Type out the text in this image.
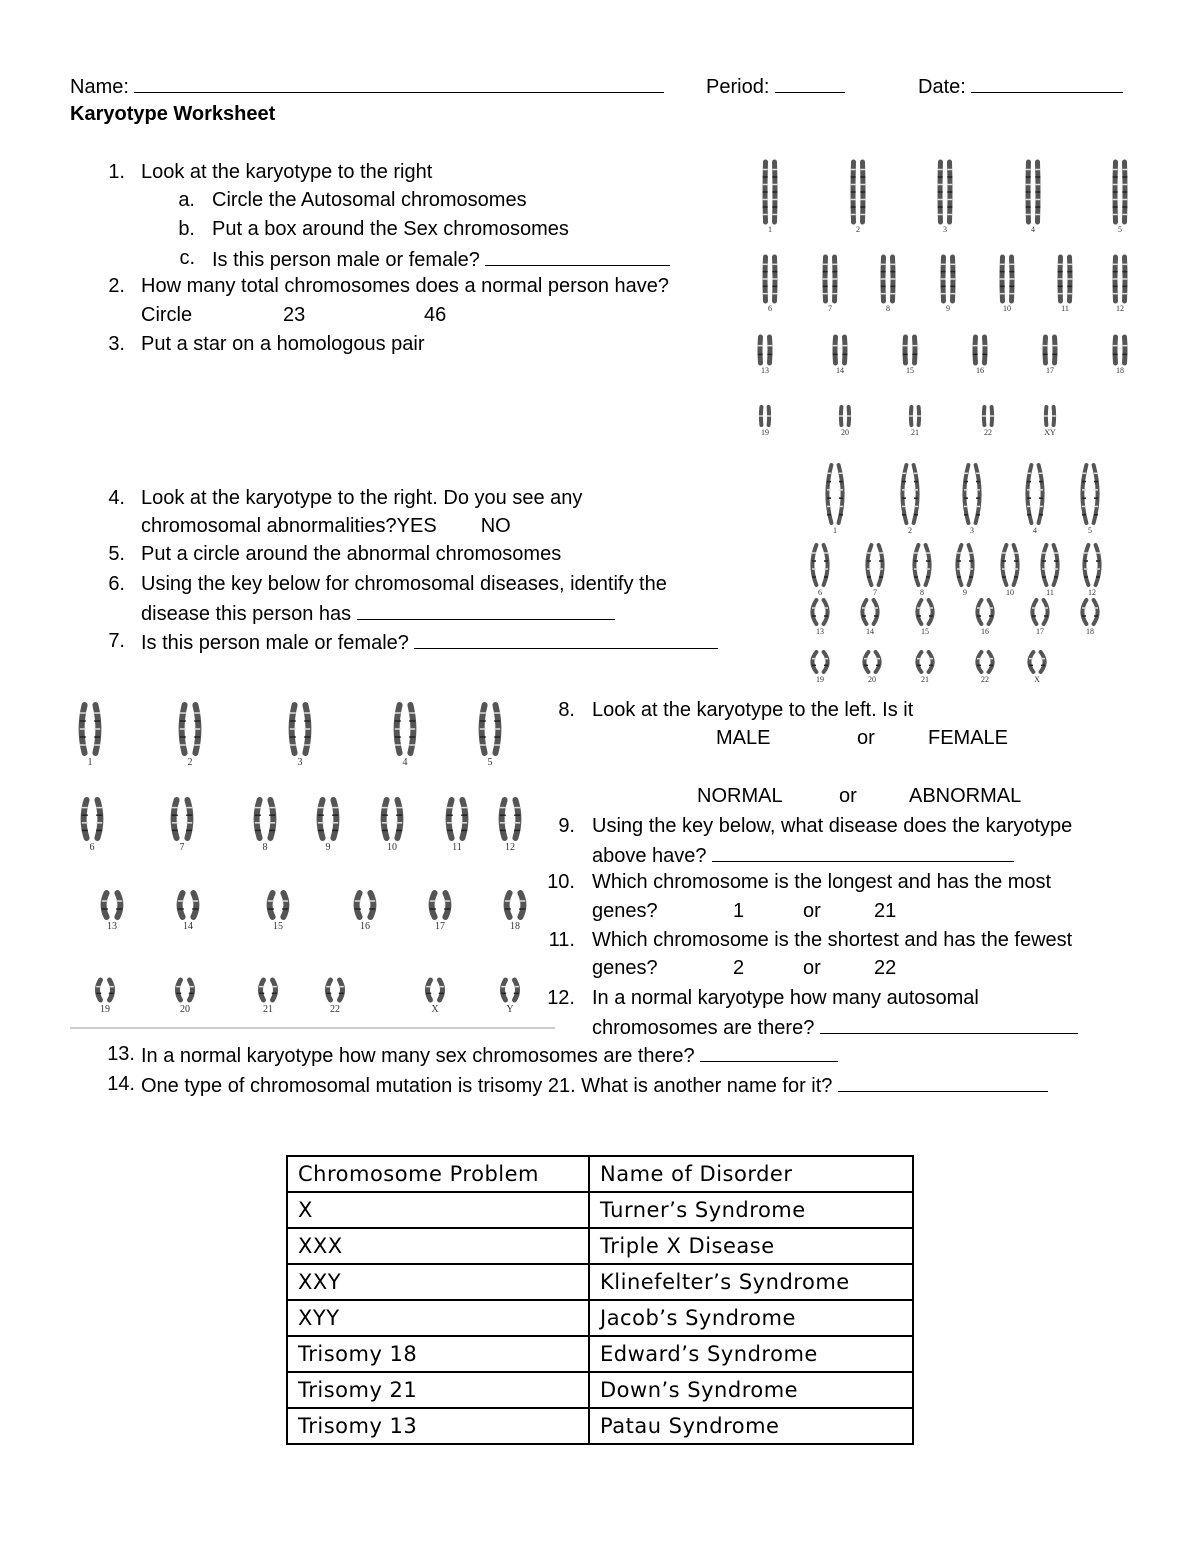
Name:	Period:	Date:
Karyotype Worksheet
1. Look at the karyotype to the right
a. Circle the Autosomal chromosomes
b. Put a box around the Sex chromosomes
c. Is this person male or female?
2. How many total chromosomes does a normal person have?
Circle	23	46
3. Put a star on a homologous pair
4. Look at the karyotype to the right. Do you see any
chromosomal abnormalities?YES NO
5. Put a circle around the abnormal chromosomes
6. Using the key below for chromosomal diseases, identify the
disease this person has
7. Is this person male or female?
8. Look at the karyotype to the left. Is it
MALE	or	FEMALE
NORMAL	or	ABNORMAL
9. Using the key below, what disease does the karyotype
above have?
10. Which chromosome is the longest and has the most
genes?	1	or	21
11. Which chromosome is the shortest and has the fewest
genes?	2	or	22
12. In a normal karyotype how many autosomal
chromosomes are there?
13. In a normal karyotype how many sex chromosomes are there?
14. One type of chromosomal mutation is trisomy 21. What is another name for it?
1	2	3	4	5
6	7	8	9	10	11	12
13	14	15	16	17	18
19	20	21	22	XY
1	2	3	4	5
6	7	8	9	10	11	12
13	14	15	16	17	18
19	20	21	22	X
1	2	3	4	5
6	7	8	9	10	11	12
13	14	15	16	17	18
19	20	21	22	X	Y
Chromosome Problem	Name of Disorder
X	Turner’s Syndrome
XXX	Triple X Disease
XXY	Klinefelter’s Syndrome
XYY	Jacob’s Syndrome
Trisomy 18	Edward’s Syndrome
Trisomy 21	Down’s Syndrome
Trisomy 13	Patau Syndrome
